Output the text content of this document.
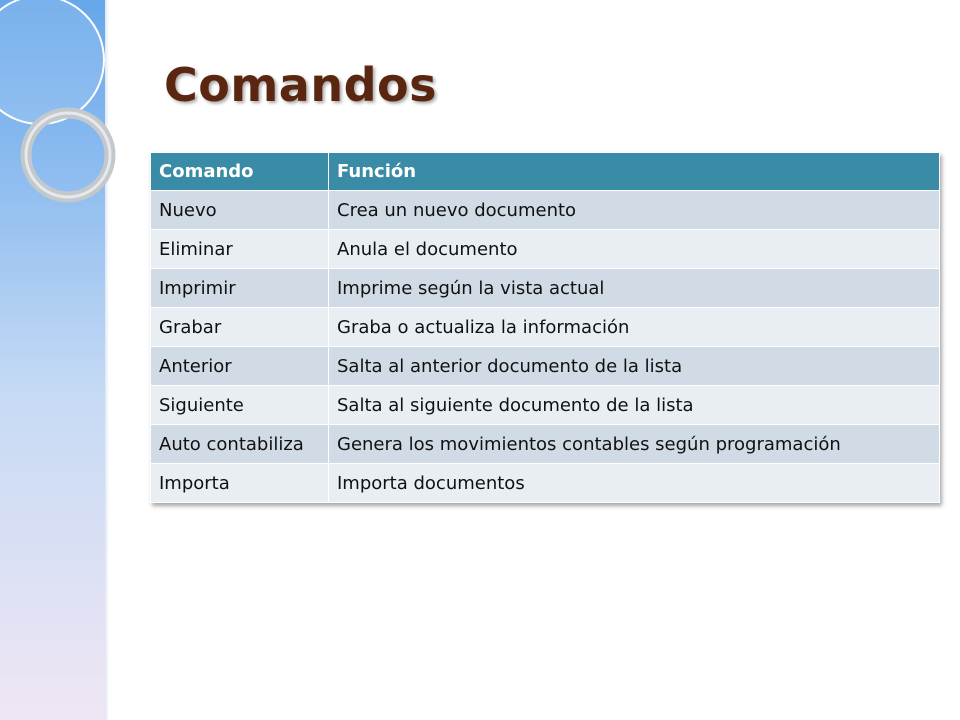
Comandos
Comando	Función
Nuevo	Crea un nuevo documento
Eliminar	Anula el documento
Imprimir	Imprime según la vista actual
Grabar	Graba o actualiza la información
Anterior	Salta al anterior documento de la lista
Siguiente	Salta al siguiente documento de la lista
Auto contabiliza	Genera los movimientos contables según programación
Importa	Importa documentos
